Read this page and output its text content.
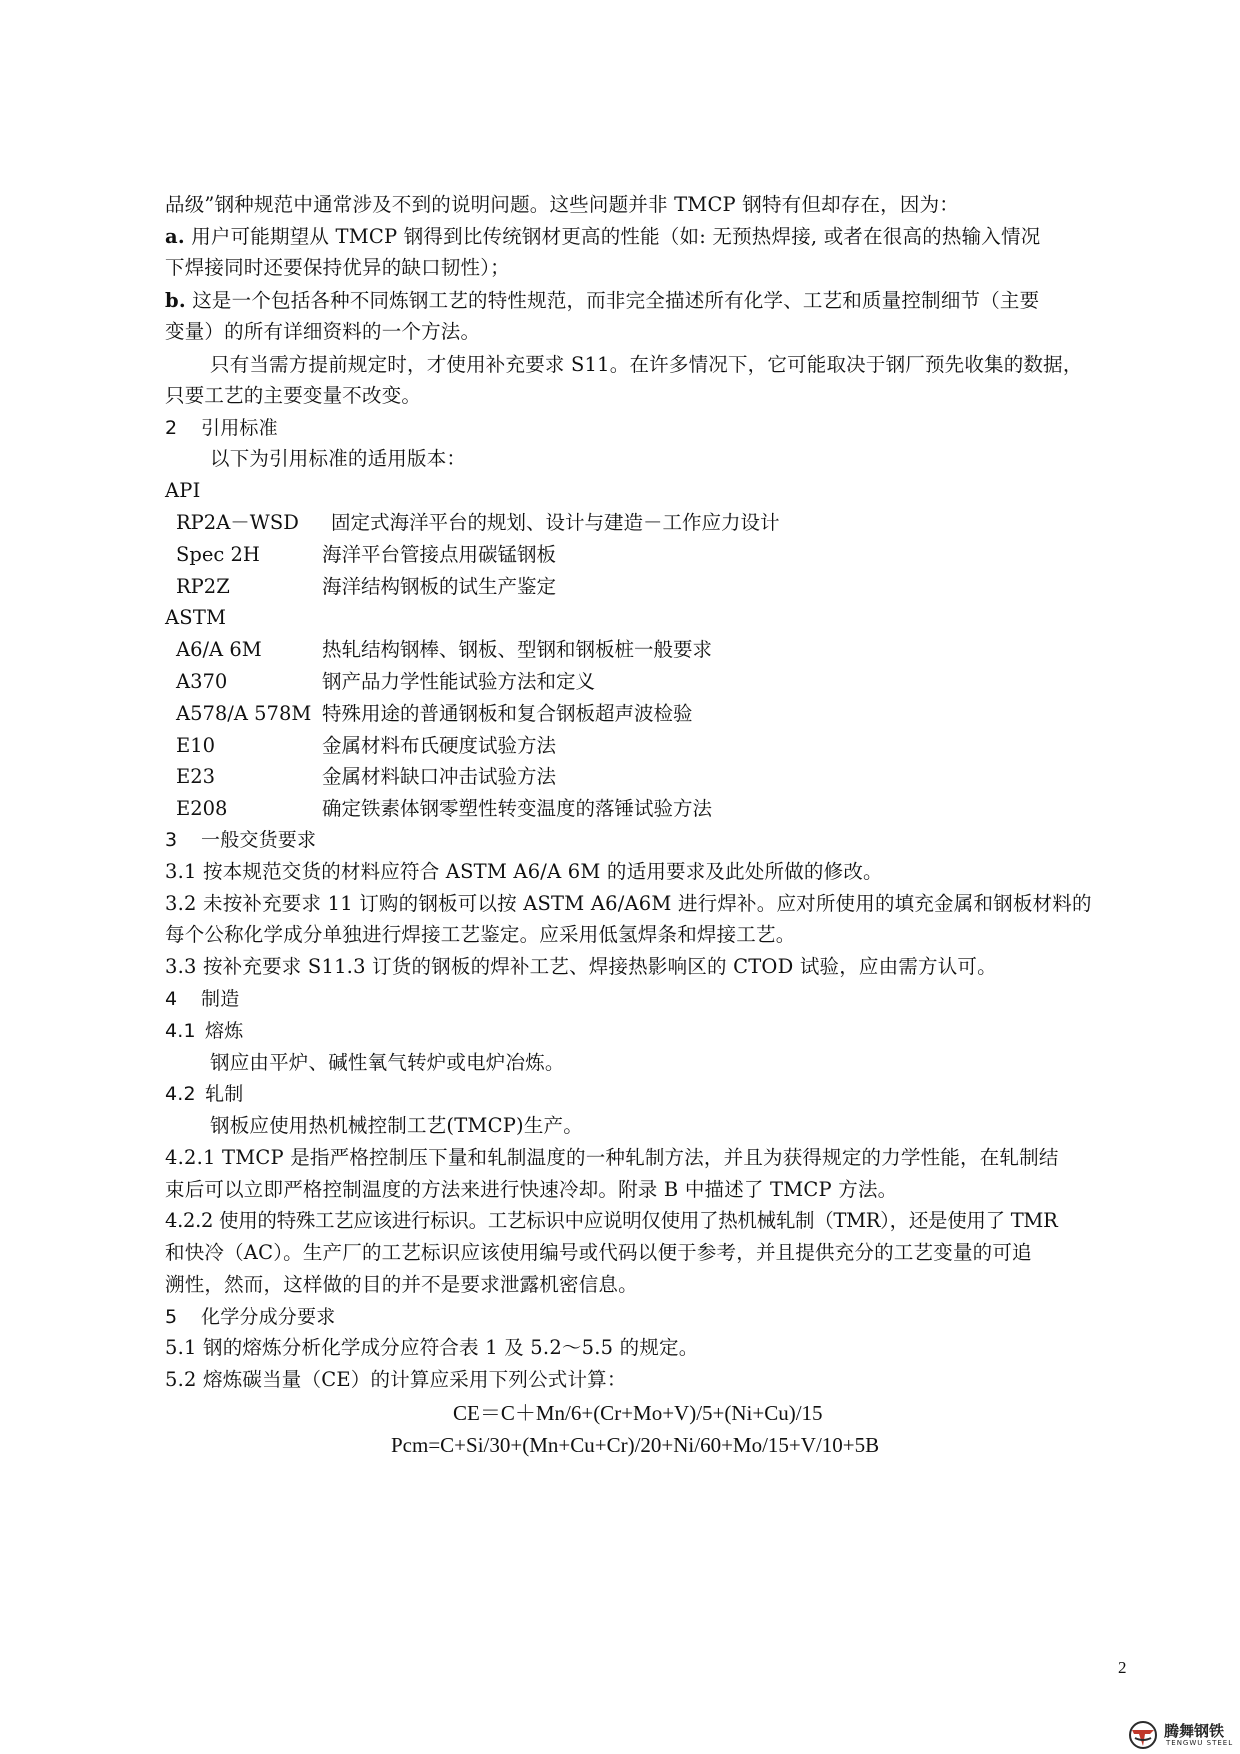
品级”钢种规范中通常涉及不到的说明问题。这些问题并非 TMCP 钢特有但却存在，因为：
a. 用户可能期望从 TMCP 钢得到比传统钢材更高的性能（如: 无预热焊接, 或者在很高的热输入情况
下焊接同时还要保持优异的缺口韧性）；
b. 这是一个包括各种不同炼钢工艺的特性规范，而非完全描述所有化学、工艺和质量控制细节（主要
变量）的所有详细资料的一个方法。
只有当需方提前规定时，才使用补充要求 S11。在许多情况下，它可能取决于钢厂预先收集的数据，
只要工艺的主要变量不改变。
2 引用标准
以下为引用标准的适用版本：
API
RP2A－WSD 固定式海洋平台的规划、设计与建造－工作应力设计
Spec 2H	海洋平台管接点用碳锰钢板
RP2Z	海洋结构钢板的试生产鉴定
ASTM
A6/A 6M	热轧结构钢棒、钢板、型钢和钢板桩一般要求
A370	钢产品力学性能试验方法和定义
A578/A 578M 特殊用途的普通钢板和复合钢板超声波检验
E10	金属材料布氏硬度试验方法
E23	金属材料缺口冲击试验方法
E208	确定铁素体钢零塑性转变温度的落锤试验方法
3 一般交货要求
3.1 按本规范交货的材料应符合 ASTM A6/A 6M 的适用要求及此处所做的修改。
3.2 未按补充要求 11 订购的钢板可以按 ASTM A6/A6M 进行焊补。应对所使用的填充金属和钢板材料的
每个公称化学成分单独进行焊接工艺鉴定。应采用低氢焊条和焊接工艺。
3.3 按补充要求 S11.3 订货的钢板的焊补工艺、焊接热影响区的 CTOD 试验，应由需方认可。
4 制造
4.1 熔炼
钢应由平炉、碱性氧气转炉或电炉冶炼。
4.2 轧制
钢板应使用热机械控制工艺(TMCP)生产。
4.2.1 TMCP 是指严格控制压下量和轧制温度的一种轧制方法，并且为获得规定的力学性能，在轧制结
束后可以立即严格控制温度的方法来进行快速冷却。附录 B 中描述了 TMCP 方法。
4.2.2 使用的特殊工艺应该进行标识。工艺标识中应说明仅使用了热机械轧制（TMR），还是使用了 TMR
和快冷（AC）。生产厂的工艺标识应该使用编号或代码以便于参考，并且提供充分的工艺变量的可追
溯性，然而，这样做的目的并不是要求泄露机密信息。
5 化学分成分要求
5.1 钢的熔炼分析化学成分应符合表 1 及 5.2～5.5 的规定。
5.2 熔炼碳当量（CE）的计算应采用下列公式计算：
CE＝C＋Mn/6+(Cr+Mo+V)/5+(Ni+Cu)/15
Pcm=C+Si/30+(Mn+Cu+Cr)/20+Ni/60+Mo/15+V/10+5B
2
腾舞钢铁
TENGWU STEEL
